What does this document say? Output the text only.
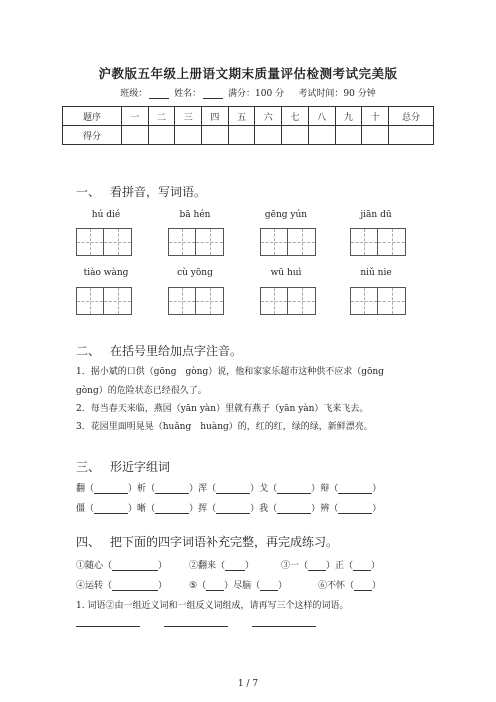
沪教版五年级上册语文期末质量评估检测考试完美版
班级：	姓名：	满分：100 分 考试时间：90 分钟
题序	一	二	三	四	五	六	七	八	九	十	总分
得分											
一、 看拼音，写词语。
hú dié	bā hén	gēng yún	jiān dū
tiào wàng	cù yōng	wū huì	niǔ nie
二、 在括号里给加点字注音。
1．据小斌的口供（gōng　gòng）说，他和家家乐超市这种供不应求（gōng
gòng）的危险状态已经很久了。
2．每当春天来临，燕园（yān yàn）里就有燕子（yān yàn）飞来飞去。
3．花园里面明晃晃（huǎng　huàng）的，红的红，绿的绿，新鲜漂亮。
三、 形近字组词
翻（	）析（	）浑（	）戈（	）辩（	）
僵（	）晰（	）挥（	）我（	）辨（	）
四、 把下面的四字词语补充完整，再完成练习。
①随心（	） ②翻来（ ）	③一（ ）正（ ）
④运转（	） ⑤（ ）尽脑（ ）	⑥不怀（ ）
1. 词语②由一组近义词和一组反义词组成，请再写三个这样的词语。
1 / 7
